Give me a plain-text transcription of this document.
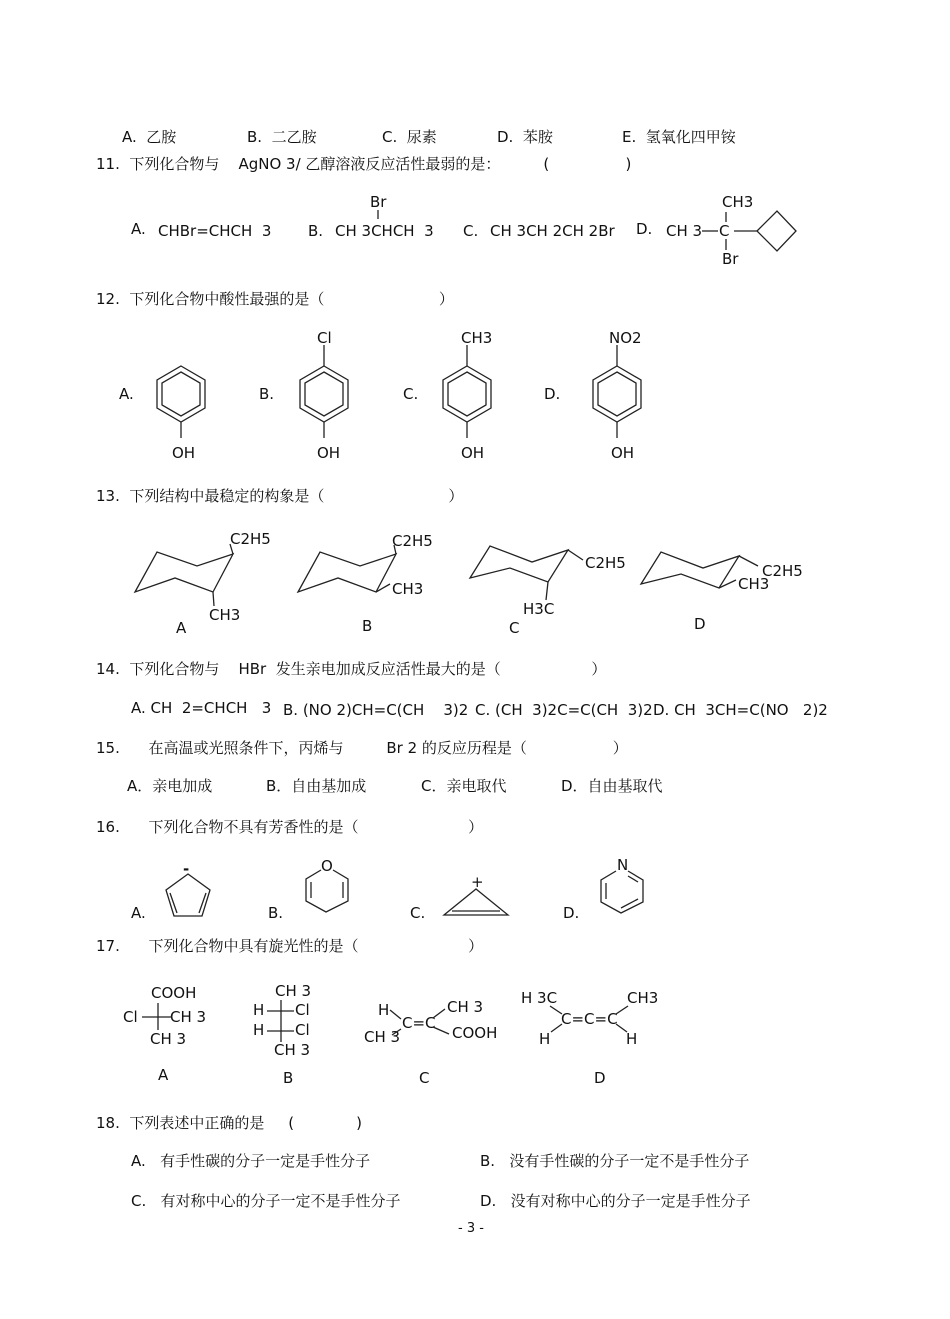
A.  乙胺	B.  二乙胺	C.  尿素	D.  苯胺	E.  氢氧化四甲铵
11.  下列化合物与    AgNO 3/ 乙醇溶液反应活性最弱的是：         (                )
A. CHBr=CHCH  3 B. CH 3CHCH  3
Br
C. CH 3CH 2CH 2Br D. CH 3 C
CH3
Br
12.  下列化合物中酸性最强的是（                        ）
A.	B.	C.	D.
OH
Cl
OH
CH3
OH
NO2
OH
13.  下列结构中最稳定的构象是（                          ）
C2H5
CH3
A
C2H5
CH3
B
C2H5
H3C
C
C2H5
CH3
D
14.  下列化合物与    HBr  发生亲电加成反应活性最大的是（                   ）
A. CH  2=CHCH   3 B. (NO 2)CH=C(CH    3)2 C. (CH  3)2C=C(CH  3)2 D. CH  3CH=C(NO   2)2
15.      在高温或光照条件下，丙烯与         Br 2 的反应历程是（                  ）
A．亲电加成	B．自由基加成	C．亲电取代	D．自由基取代
16.      下列化合物不具有芳香性的是（                       ）
A.	B.	C.	D.
-	O
+
N
17.      下列化合物中具有旋光性的是（                       ）
COOH
Cl CH 3
CH 3
A
CH 3
H Cl
H Cl
CH 3
B
H	CH 3
CH 3
C=C
COOH
C
H 3C	CH3
C=C=C
H	H
D
18.  下列表述中正确的是     (             )
A.   有手性碳的分子一定是手性分子	B.   没有手性碳的分子一定不是手性分子
C.   有对称中心的分子一定不是手性分子	D.   没有对称中心的分子一定是手性分子
- 3 -
